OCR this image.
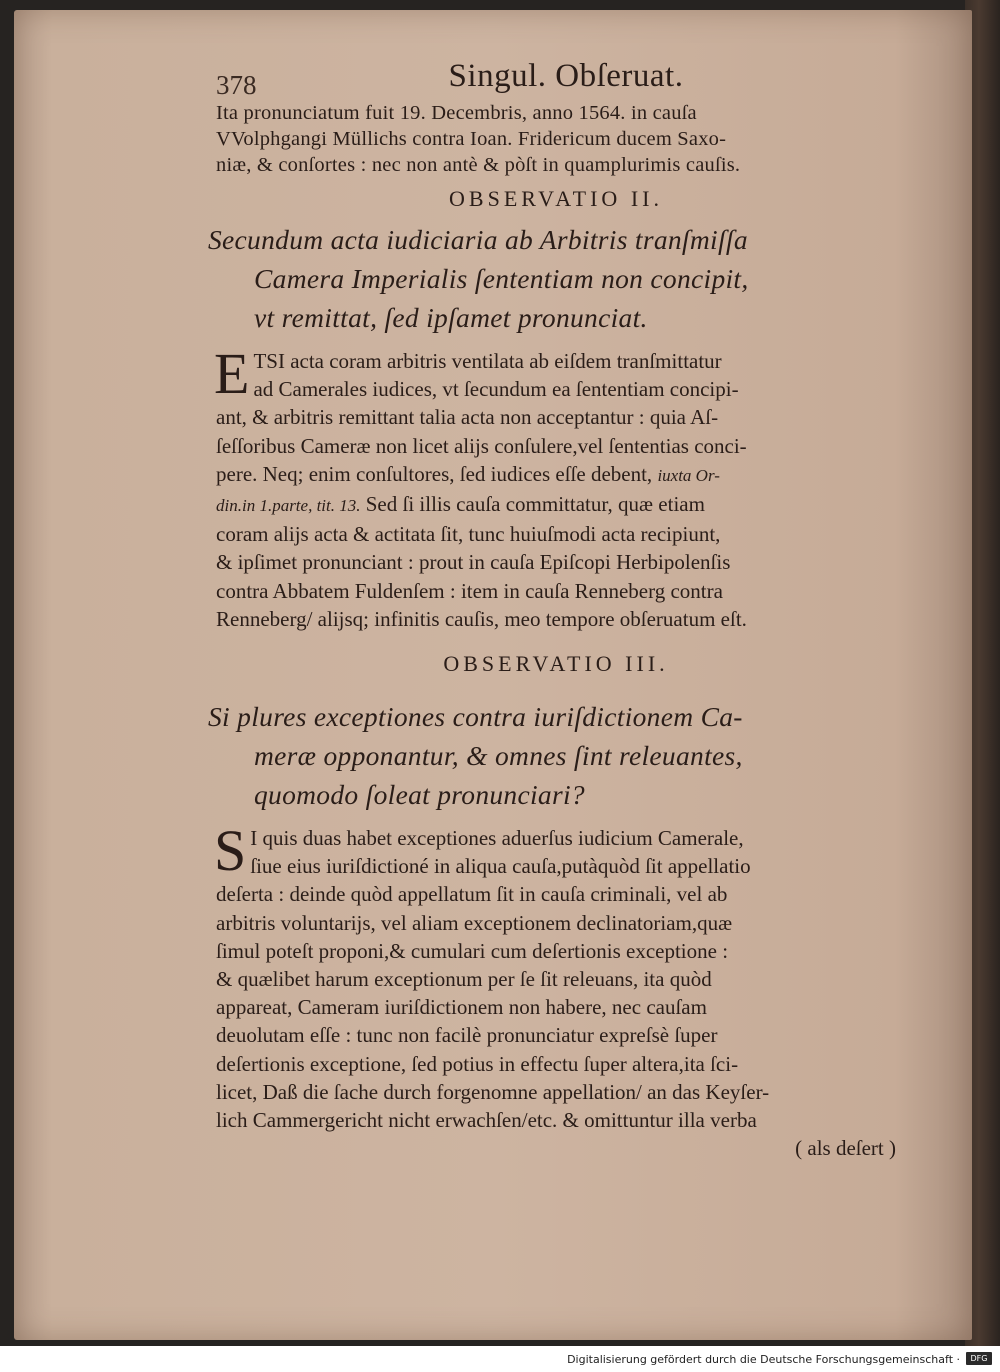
378	Singul. Obſeruat.
Ita pronunciatum fuit 19. Decembris, anno 1564. in cauſa
VVolphgangi Müllichs contra Ioan. Fridericum ducem Saxo-
niæ, & conſortes : nec non antè & pòſt in quamplurimis cauſis.
OBSERVATIO II.
Secundum acta iudiciaria ab Arbitris tranſmiſſa
Camera Imperialis ſententiam non concipit,
vt remittat, ſed ipſamet pronunciat.
E TSI acta coram arbitris ventilata ab eiſdem tranſmittatur
ad Camerales iudices, vt ſecundum ea ſententiam concipi-
ant, & arbitris remittant talia acta non acceptantur : quia Aſ-
ſeſſoribus Cameræ non licet alijs conſulere,vel ſententias conci-
pere. Neq; enim conſultores, ſed iudices eſſe debent, iuxta Or-
din.in 1.parte, tit. 13. Sed ſi illis cauſa committatur, quæ etiam
coram alijs acta & actitata ſit, tunc huiuſmodi acta recipiunt,
& ipſimet pronunciant : prout in cauſa Epiſcopi Herbipolenſis
contra Abbatem Fuldenſem : item in cauſa Renneberg contra
Renneberg/ alijsq; infinitis cauſis, meo tempore obſeruatum eſt.
OBSERVATIO III.
Si plures exceptiones contra iuriſdictionem Ca-
meræ opponantur, & omnes ſint releuantes,
quomodo ſoleat pronunciari?
S I quis duas habet exceptiones aduerſus iudicium Camerale,
ſiue eius iuriſdictioné in aliqua cauſa,putàquòd ſit appellatio
deſerta : deinde quòd appellatum ſit in cauſa criminali, vel ab
arbitris voluntarijs, vel aliam exceptionem declinatoriam,quæ
ſimul poteſt proponi,& cumulari cum deſertionis exceptione :
& quælibet harum exceptionum per ſe ſit releuans, ita quòd
appareat, Cameram iuriſdictionem non habere, nec cauſam
deuolutam eſſe : tunc non facilè pronunciatur expreſsè ſuper
deſertionis exceptione, ſed potius in effectu ſuper altera,ita ſci-
licet, Daß die ſache durch forgenomne appellation/ an das Keyſer-
lich Cammergericht nicht erwachſen/etc. & omittuntur illa verba
( als deſert )
Digitalisierung gefördert durch die Deutsche Forschungsgemeinschaft ·	DFG
